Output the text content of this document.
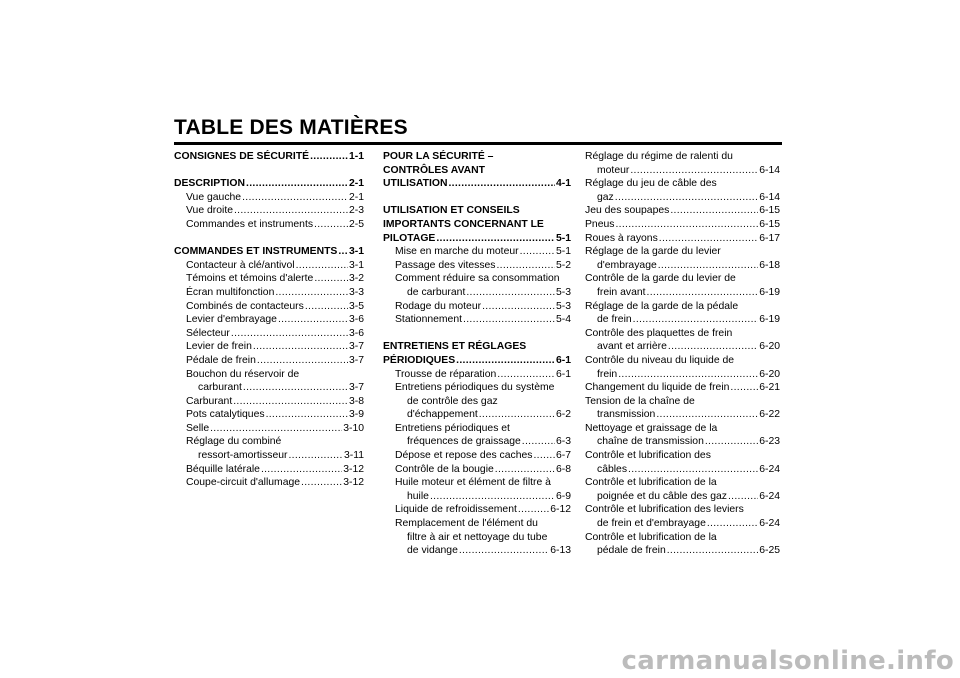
TABLE DES MATIÈRES
CONSIGNES DE SÉCURITÉ .....	1-1
DESCRIPTION .....	2-1
Vue gauche .....	2-1
Vue droite .....	2-3
Commandes et instruments .....	2-5
COMMANDES ET INSTRUMENTS ..... 3-1
Contacteur à clé/antivol .....	3-1
Témoins et témoins d'alerte .....	3-2
Écran multifonction .....	3-3
Combinés de contacteurs .....	3-5
Levier d'embrayage .....	3-6
Sélecteur .....	3-6
Levier de frein .....	3-7
Pédale de frein .....	3-7
Bouchon du réservoir de
carburant .....	3-7
Carburant .....	3-8
Pots catalytiques .....	3-9
Selle .....	3-10
Réglage du combiné
ressort-amortisseur .....	3-11
Béquille latérale .....	3-12
Coupe-circuit d'allumage .....	3-12
POUR LA SÉCURITÉ –
CONTRÔLES AVANT
UTILISATION .....	4-1
UTILISATION ET CONSEILS
IMPORTANTS CONCERNANT LE
PILOTAGE .....	5-1
Mise en marche du moteur .....	5-1
Passage des vitesses .....	5-2
Comment réduire sa consommation
de carburant .....	5-3
Rodage du moteur .....	5-3
Stationnement .....	5-4
ENTRETIENS ET RÉGLAGES
PÉRIODIQUES .....	6-1
Trousse de réparation .....	6-1
Entretiens périodiques du système
de contrôle des gaz
d'échappement .....	6-2
Entretiens périodiques et
fréquences de graissage .....	6-3
Dépose et repose des caches ..... 6-7
Contrôle de la bougie .....	6-8
Huile moteur et élément de filtre à
huile .....	6-9
Liquide de refroidissement .....	6-12
Remplacement de l'élément du
filtre à air et nettoyage du tube
de vidange .....	6-13
Réglage du régime de ralenti du
moteur .....	6-14
Réglage du jeu de câble des
gaz .....	6-14
Jeu des soupapes .....	6-15
Pneus .....	6-15
Roues à rayons .....	6-17
Réglage de la garde du levier
d'embrayage .....	6-18
Contrôle de la garde du levier de
frein avant .....	6-19
Réglage de la garde de la pédale
de frein .....	6-19
Contrôle des plaquettes de frein
avant et arrière .....	6-20
Contrôle du niveau du liquide de
frein .....	6-20
Changement du liquide de frein .....	6-21
Tension de la chaîne de
transmission .....	6-22
Nettoyage et graissage de la
chaîne de transmission .....	6-23
Contrôle et lubrification des
câbles .....	6-24
Contrôle et lubrification de la
poignée et du câble des gaz .....	6-24
Contrôle et lubrification des leviers
de frein et d'embrayage .....	6-24
Contrôle et lubrification de la
pédale de frein .....	6-25
carmanualsonline.info
